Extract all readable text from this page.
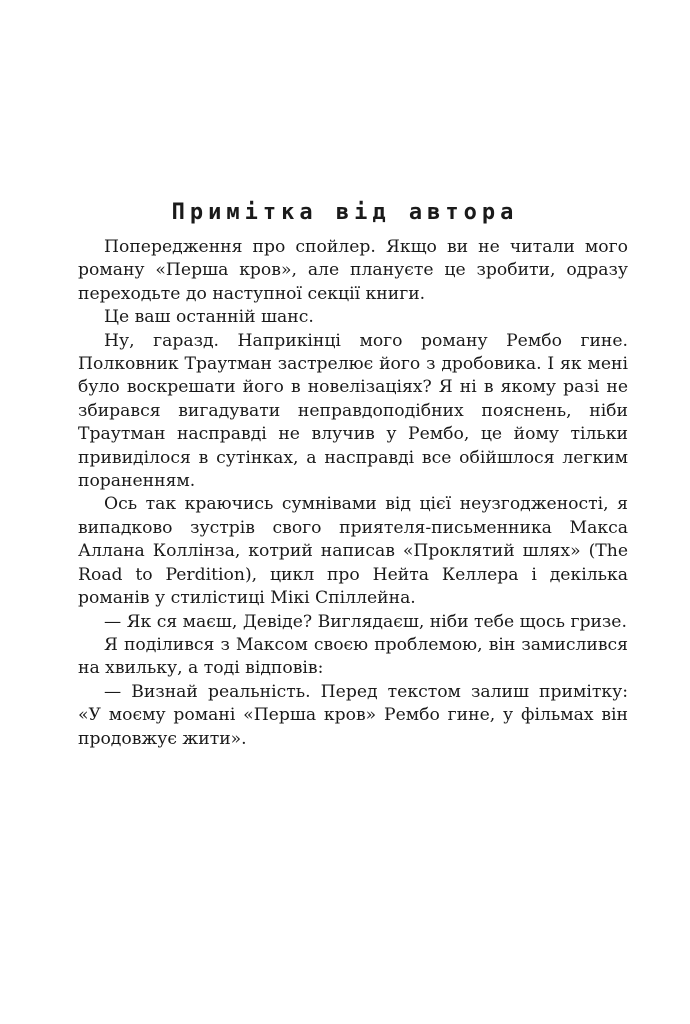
Примітка від автора

Попередження про спойлер. Якщо ви не читали мого роману «Перша кров», але плануєте це зробити, одразу переходьте до наступної секції книги.

Це ваш останній шанс.

Ну, гаразд. Наприкінці мого роману Рембо гине. Полковник Траутман застрелює його з дробовика. І як мені було воскрешати його в новелізаціях? Я ні в якому разі не збирався вигадувати неправдоподібних пояснень, ніби Траутман насправді не влучив у Рембо, це йому тільки привиділося в сутінках, а насправді все обійшлося легким пораненням.

Ось так краючись сумнівами від цієї неузгодженості, я випадково зустрів свого приятеля-письменника Макса Аллана Коллінза, котрий написав «Проклятий шлях» (The Road to Perdition), цикл про Нейта Келлера і декілька романів у стилістиці Мікі Спіллейна.

— Як ся маєш, Девіде? Виглядаєш, ніби тебе щось гризе.

Я поділився з Максом своєю проблемою, він замислився на хвильку, а тоді відповів:

— Визнай реальність. Перед текстом залиш примітку: «У моєму романі «Перша кров» Рембо гине, у фільмах він продовжує жити».
